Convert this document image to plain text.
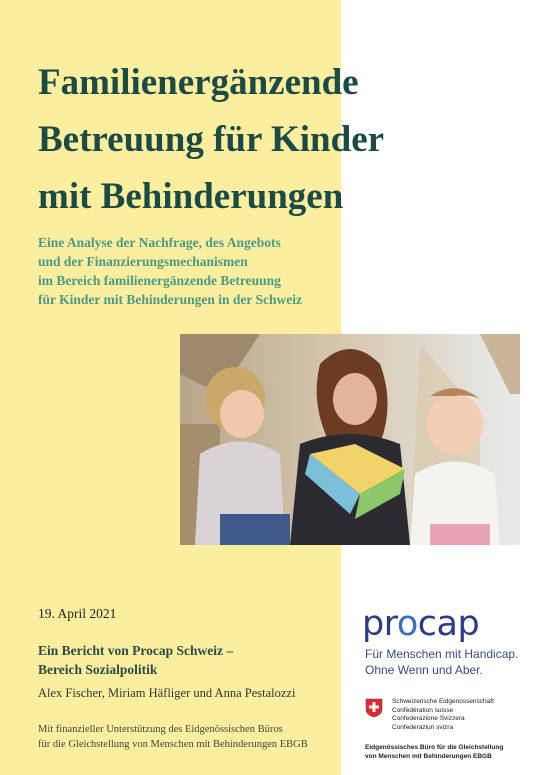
Familienergänzende
Betreuung für Kinder
mit Behinderungen
Eine Analyse der Nachfrage, des Angebots
und der Finanzierungsmechanismen
im Bereich familienergänzende Betreuung
für Kinder mit Behinderungen in der Schweiz
19. April 2021
Ein Bericht von Procap Schweiz –
Bereich Sozialpolitik
Alex Fischer, Miriam Häfliger und Anna Pestalozzi
Mit finanzieller Unterstützung des Eidgenössischen Büros
für die Gleichstellung von Menschen mit Behinderungen EBGB
procap
Für Menschen mit Handicap.
Ohne Wenn und Aber.
Schweizerische Eidgenossenschaft
Confédération suisse
Confederazione Svizzera
Confederaziun svizra
Eidgenössisches Büro für die Gleichstellung
von Menschen mit Behinderungen EBGB
